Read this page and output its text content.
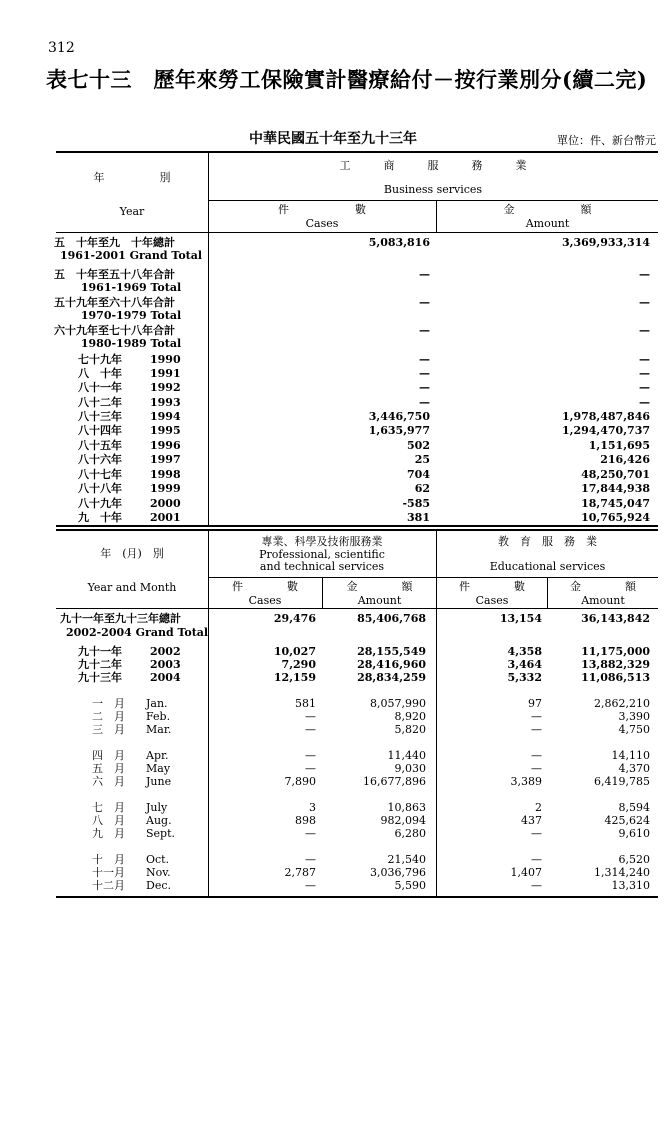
312
表七十三　歷年來勞工保險實計醫療給付－按行業別分(續二完)
中華民國五十年至九十三年	單位：件、新台幣元
年　　　　　別
Year
工　　　商　　　服　　　務　　　業
Business services
件　　　　　　數
Cases
金　　　　　　額
Amount
五　十年至九　十年總計
1961-2001 Grand Total
5,083,816	3,369,933,314
五　十年至五十八年合計
1961-1969 Total
—	—
五十九年至六十八年合計
1970-1979 Total
—	—
六十九年至七十八年合計
1980-1989 Total
—	—
七十九年	1990	—	—
八　十年	1991	—	—
八十一年	1992	—	—
八十二年	1993	—	—
八十三年	1994	3,446,750	1,978,487,846
八十四年	1995	1,635,977	1,294,470,737
八十五年	1996	502	1,151,695
八十六年	1997	25	216,426
八十七年	1998	704	48,250,701
八十八年	1999	62	17,844,938
八十九年	2000	-585	18,745,047
九　十年	2001	381	10,765,924
年　(月)　別
Year and Month
專業、科學及技術服務業
Professional, scientific
and technical services
教　育　服　務　業
Educational services
件　　　　數
Cases
金　　　　額
Amount
件　　　　數
Cases
金　　　　額
Amount
九十一年至九十三年總計
2002-2004 Grand Total
29,476	85,406,768	13,154	36,143,842
九十一年	2002	10,027	28,155,549	4,358	11,175,000
九十二年	2003	7,290	28,416,960	3,464	13,882,329
九十三年	2004	12,159	28,834,259	5,332	11,086,513
一　月	Jan.	581	8,057,990	97	2,862,210
二　月	Feb.	—	8,920	—	3,390
三　月	Mar.	—	5,820	—	4,750
四　月	Apr.	—	11,440	—	14,110
五　月	May	—	9,030	—	4,370
六　月	June	7,890	16,677,896	3,389	6,419,785
七　月	July	3	10,863	2	8,594
八　月	Aug.	898	982,094	437	425,624
九　月	Sept.	—	6,280	—	9,610
十　月	Oct.	—	21,540	—	6,520
十一月	Nov.	2,787	3,036,796	1,407	1,314,240
十二月	Dec.	—	5,590	—	13,310
